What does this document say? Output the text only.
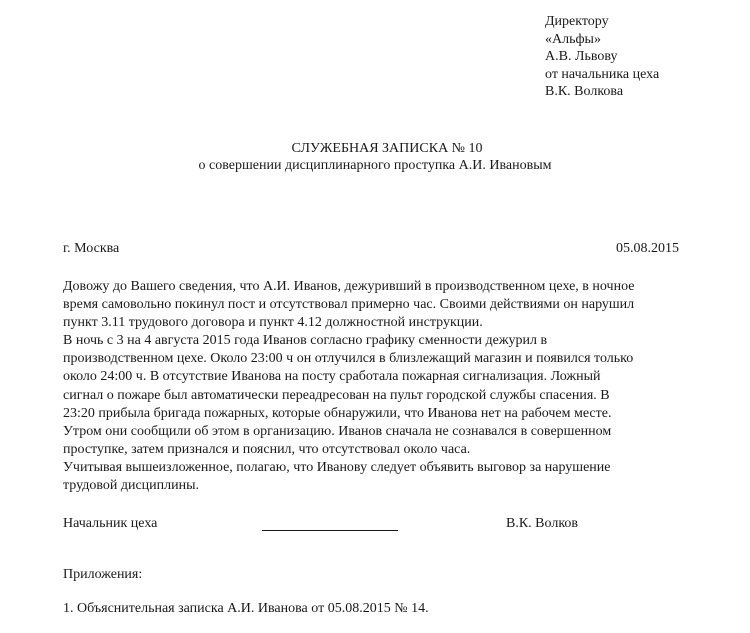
Директору
«Альфы»
А.В. Львову
от начальника цеха
В.К. Волкова
СЛУЖЕБНАЯ ЗАПИСКА № 10
о совершении дисциплинарного проступка А.И. Ивановым
г. Москва	05.08.2015
Довожу до Вашего сведения, что А.И. Иванов, дежуривший в производственном цехе, в ночное
время самовольно покинул пост и отсутствовал примерно час. Своими действиями он нарушил
пункт 3.11 трудового договора и пункт 4.12 должностной инструкции.
В ночь с 3 на 4 августа 2015 года Иванов согласно графику сменности дежурил в
производственном цехе. Около 23:00 ч он отлучился в близлежащий магазин и появился только
около 24:00 ч. В отсутствие Иванова на посту сработала пожарная сигнализация. Ложный
сигнал о пожаре был автоматически переадресован на пульт городской службы спасения. В
23:20 прибыла бригада пожарных, которые обнаружили, что Иванова нет на рабочем месте.
Утром они сообщили об этом в организацию. Иванов сначала не сознавался в совершенном
проступке, затем признался и пояснил, что отсутствовал около часа.
Учитывая вышеизложенное, полагаю, что Иванову следует объявить выговор за нарушение
трудовой дисциплины.
Начальник цеха	В.К. Волков
Приложения:
1. Объяснительная записка А.И. Иванова от 05.08.2015 № 14.
